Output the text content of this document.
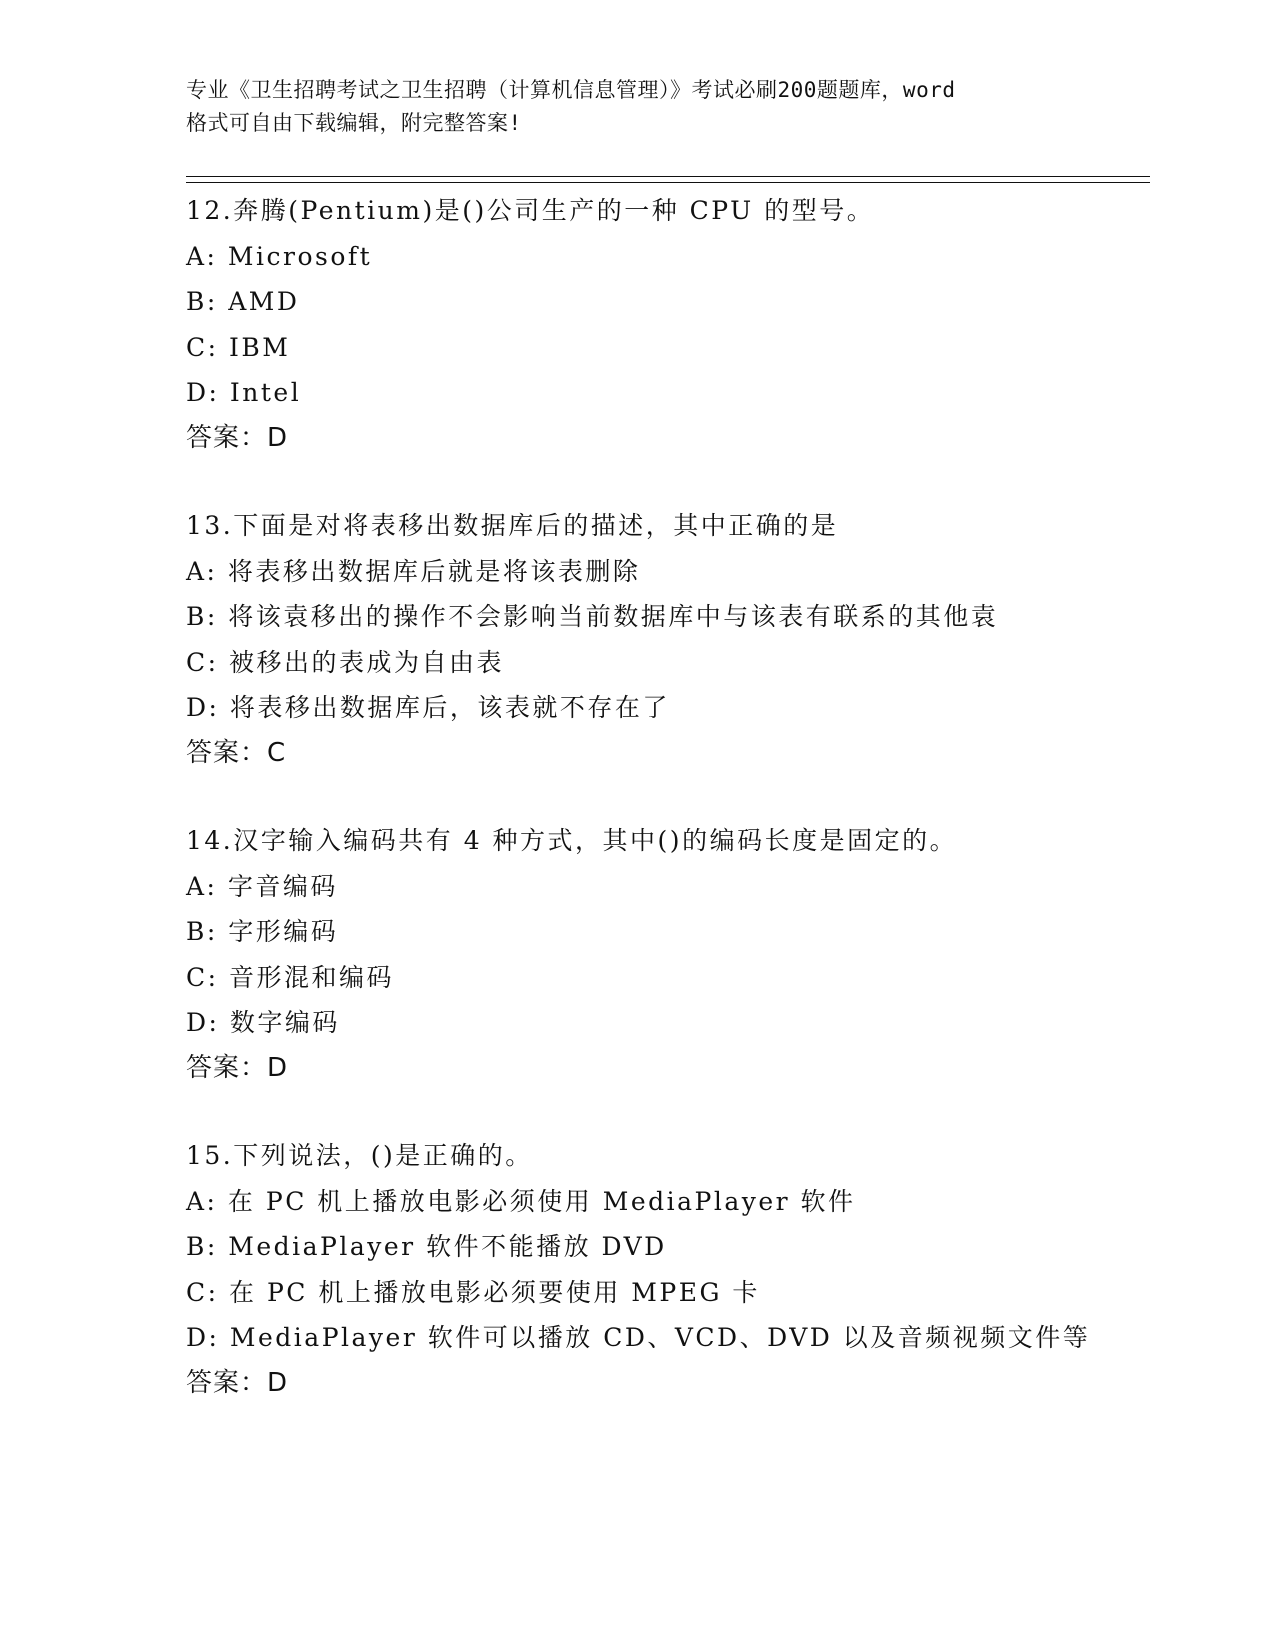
专业《卫生招聘考试之卫生招聘（计算机信息管理）》考试必刷200题题库，word
格式可自由下载编辑，附完整答案!
12.奔腾(Pentium)是()公司生产的一种 CPU 的型号。
A: Microsoft
B: AMD
C: IBM
D: Intel
答案：D
13.下面是对将表移出数据库后的描述，其中正确的是
A: 将表移出数据库后就是将该表删除
B: 将该袁移出的操作不会影响当前数据库中与该表有联系的其他袁
C: 被移出的表成为自由表
D: 将表移出数据库后，该表就不存在了
答案：C
14.汉字输入编码共有 4 种方式，其中()的编码长度是固定的。
A: 字音编码
B: 字形编码
C: 音形混和编码
D: 数字编码
答案：D
15.下列说法，()是正确的。
A: 在 PC 机上播放电影必须使用 MediaPlayer 软件
B: MediaPlayer 软件不能播放 DVD
C: 在 PC 机上播放电影必须要使用 MPEG 卡
D: MediaPlayer 软件可以播放 CD、VCD、DVD 以及音频视频文件等
答案：D
